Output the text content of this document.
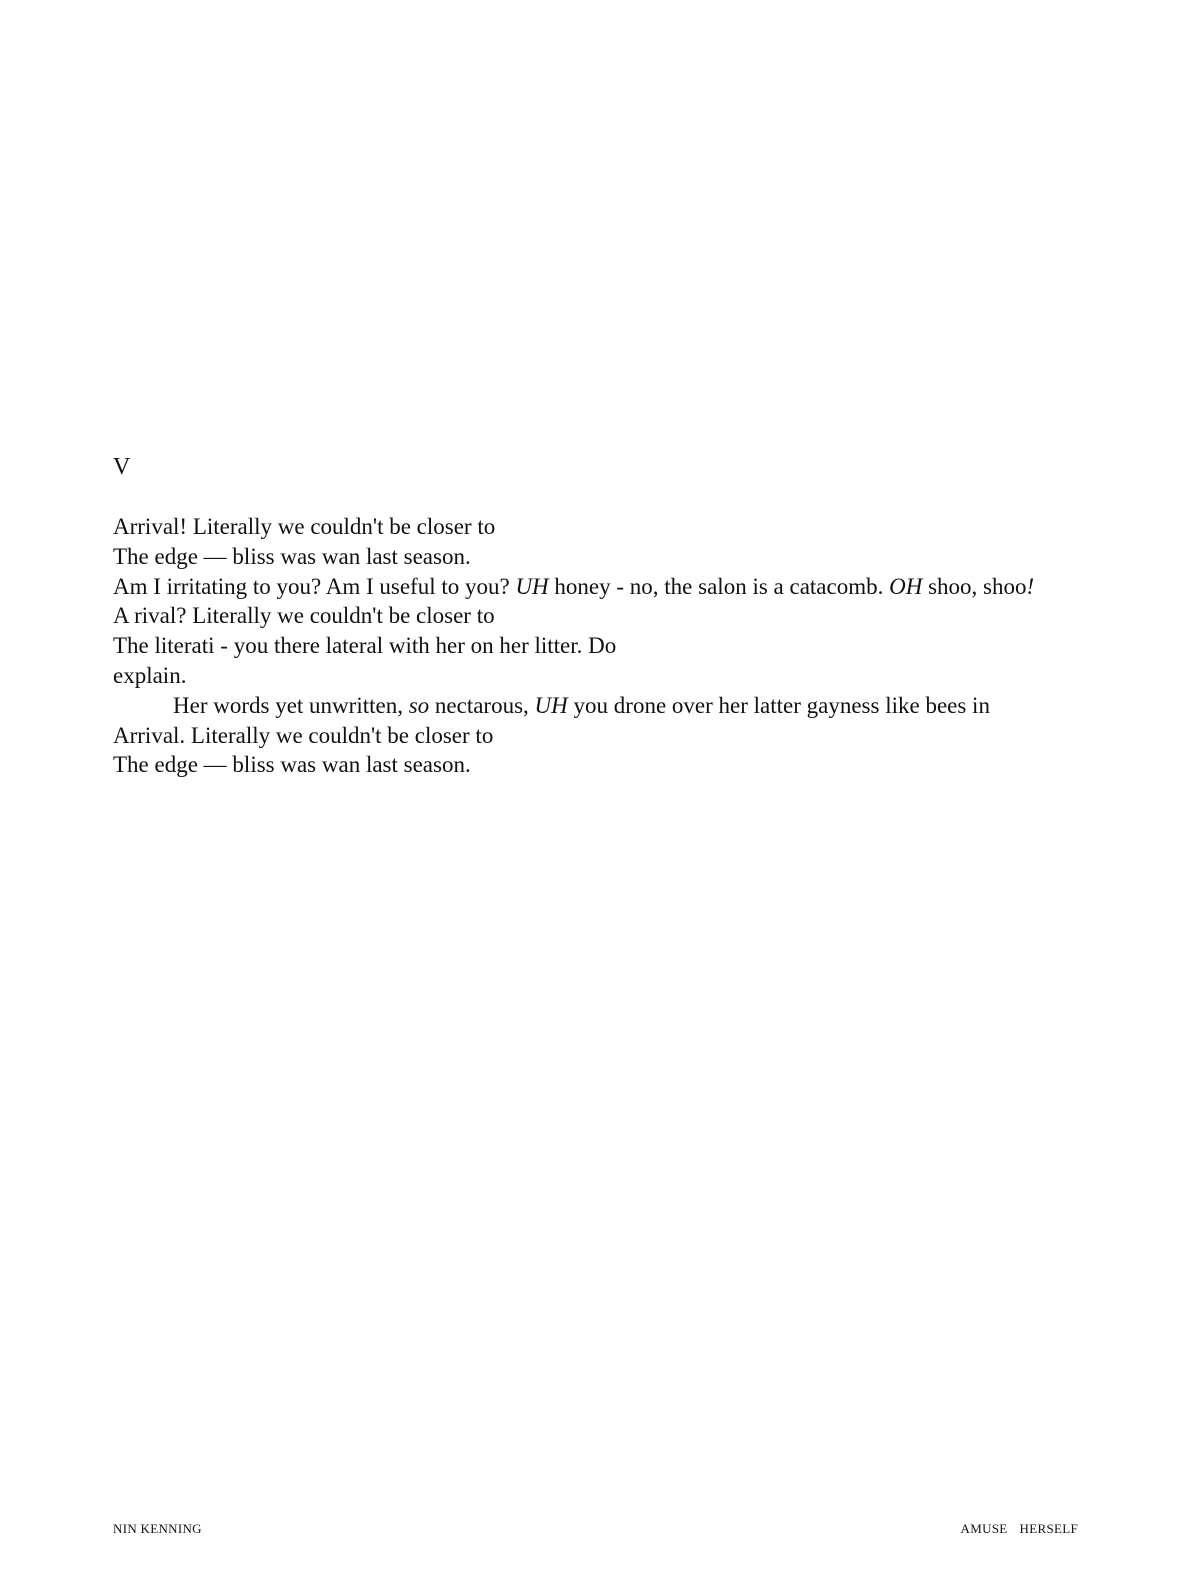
V
Arrival! Literally we couldn't be closer to
The edge — bliss was wan last season.
Am I irritating to you? Am I useful to you? UH honey - no, the salon is a catacomb. OH shoo, shoo!
A rival? Literally we couldn't be closer to
The literati - you there lateral with her on her litter. Do
explain.
Her words yet unwritten, so nectarous, UH you drone over her latter gayness like bees in
Arrival. Literally we couldn't be closer to
The edge — bliss was wan last season.
NIN KENNING	AMUSE HERSELF
